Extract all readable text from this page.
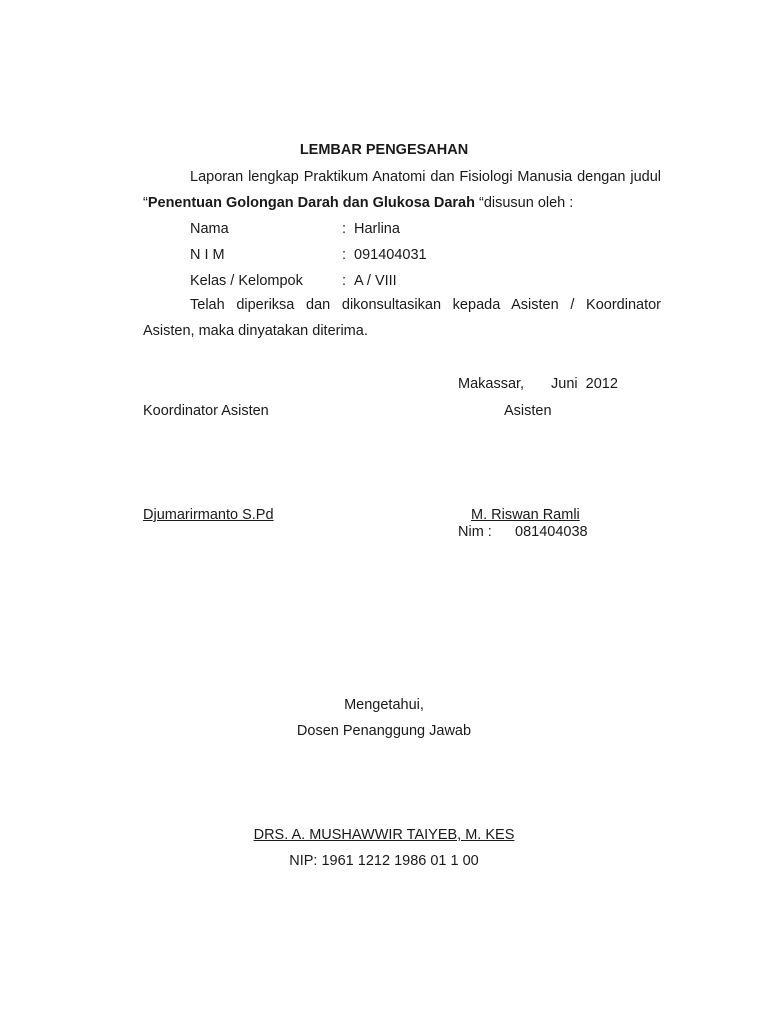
LEMBAR PENGESAHAN
Laporan lengkap Praktikum Anatomi dan Fisiologi Manusia dengan judul “Penentuan Golongan Darah dan Glukosa Darah “disusun oleh :
Nama	: Harlina
N I M	: 091404031
Kelas / Kelompok	: A / VIII
Telah diperiksa dan dikonsultasikan kepada Asisten / Koordinator Asisten, maka dinyatakan diterima.
Makassar, Juni  2012
Koordinator Asisten	Asisten
Djumarirmanto S.Pd	M. Riswan Ramli
Nim : 081404038
Mengetahui,
Dosen Penanggung Jawab
DRS. A. MUSHAWWIR TAIYEB, M. KES
NIP: 1961 1212 1986 01 1 00
